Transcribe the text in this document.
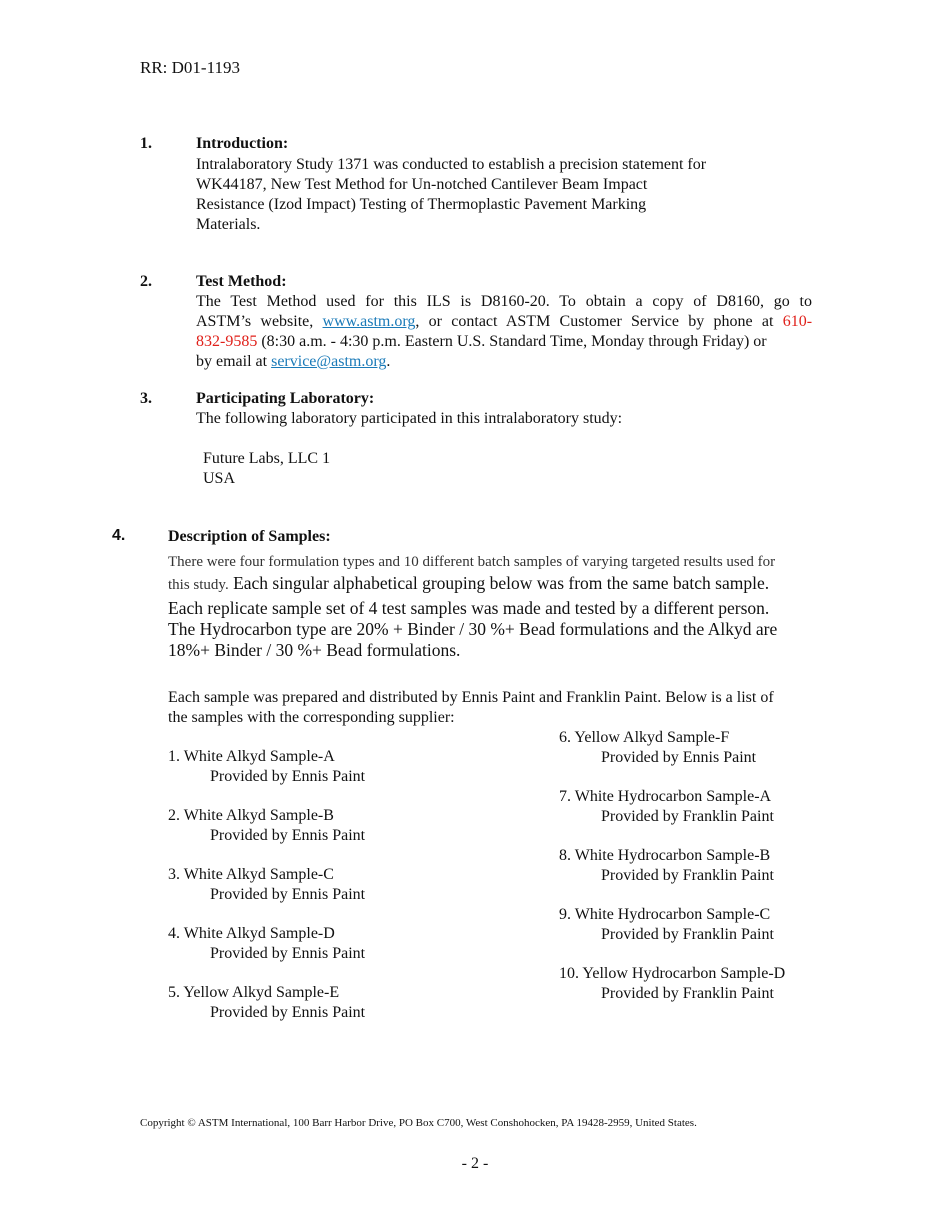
RR: D01-1193
1.	Introduction:
Intralaboratory Study 1371 was conducted to establish a precision statement for
WK44187, New Test Method for Un-notched Cantilever Beam Impact
Resistance (Izod Impact) Testing of Thermoplastic Pavement Marking
Materials.
2.	Test Method:
The Test Method used for this ILS is D8160-20. To obtain a copy of D8160, go to
ASTM’s website, www.astm.org, or contact ASTM Customer Service by phone at 610-
832-9585 (8:30 a.m. - 4:30 p.m. Eastern U.S. Standard Time, Monday through Friday) or
by email at service@astm.org.
3.	Participating Laboratory:
The following laboratory participated in this intralaboratory study:
Future Labs, LLC 1
USA
4.	Description of Samples:
There were four formulation types and 10 different batch samples of varying targeted results used for
this study. Each singular alphabetical grouping below was from the same batch sample.
Each replicate sample set of 4 test samples was made and tested by a different person.
The Hydrocarbon type are 20% + Binder / 30 %+ Bead formulations and the Alkyd are
18%+ Binder / 30 %+ Bead formulations.
Each sample was prepared and distributed by Ennis Paint and Franklin Paint. Below is a list of
the samples with the corresponding supplier:
1. White Alkyd Sample-A
Provided by Ennis Paint
2. White Alkyd Sample-B
Provided by Ennis Paint
3. White Alkyd Sample-C
Provided by Ennis Paint
4. White Alkyd Sample-D
Provided by Ennis Paint
5. Yellow Alkyd Sample-E
Provided by Ennis Paint
6. Yellow Alkyd Sample-F
Provided by Ennis Paint
7. White Hydrocarbon Sample-A
Provided by Franklin Paint
8. White Hydrocarbon Sample-B
Provided by Franklin Paint
9. White Hydrocarbon Sample-C
Provided by Franklin Paint
10. Yellow Hydrocarbon Sample-D
Provided by Franklin Paint
Copyright © ASTM International, 100 Barr Harbor Drive, PO Box C700, West Conshohocken, PA 19428-2959, United States.
- 2 -
